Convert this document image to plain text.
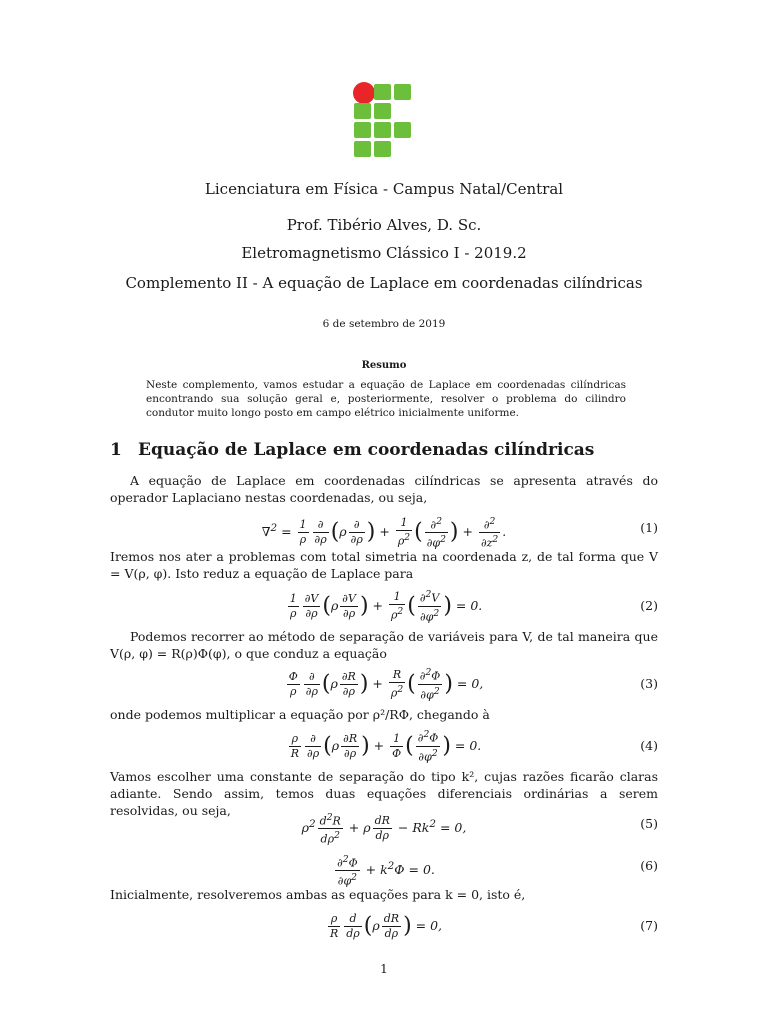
Licenciatura em Física - Campus Natal/Central
Prof. Tibério Alves, D. Sc.
Eletromagnetismo Clássico I - 2019.2
Complemento II - A equação de Laplace em coordenadas cilíndricas
6 de setembro de 2019
Resumo
Neste complemento, vamos estudar a equação de Laplace em coordenadas cilíndricas encontrando sua solução geral e, posteriormente, resolver o problema do cilindro condutor muito longo posto em campo elétrico inicialmente uniforme.
1 Equação de Laplace em coordenadas cilíndricas
A equação de Laplace em coordenadas cilíndricas se apresenta através do operador Laplaciano nestas coordenadas, ou seja,
$\nabla^2 = \frac{1}{\rho} \frac{\partial}{\partial\rho} (\rho \frac{\partial}{\partial\rho}$ ) + $\frac{1}{\rho^2}$ ( $\frac{\partial^2}{\partial\varphi^2}$ ) + $\frac{\partial^2}{\partial z^2}$ .	(1)
Iremos nos ater a problemas com total simetria na coordenada z, de tal forma que V = V(ρ, φ). Isto reduz a equação de Laplace para
$\frac{1}{\rho} \frac{\partial V}{\partial\rho} (\rho \frac{\partial V}{\partial\rho}$ ) + $\frac{1}{\rho^2}$ ( $\frac{\partial^2V}{\partial\varphi^2}$ ) = 0.	(2)
Podemos recorrer ao método de separação de variáveis para V, de tal maneira que V(ρ, φ) = R(ρ)Φ(φ), o que conduz a equação
$\frac{\Phi}{\rho} \frac{\partial}{\partial\rho} (\rho \frac{\partial R}{\partial\rho}$ ) + $\frac{R}{\rho^2}$ ( $\frac{\partial^2\Phi}{\partial\varphi^2}$ ) = 0,	(3)
onde podemos multiplicar a equação por ρ²/RΦ, chegando à
$\frac{\rho}{R} \frac{\partial}{\partial\rho} (\rho \frac{\partial R}{\partial\rho}$ ) + $\frac{1}{\Phi}$ ( $\frac{\partial^2\Phi}{\partial\varphi^2}$ ) = 0.	(4)
Vamos escolher uma constante de separação do tipo k², cujas razões ficarão claras adiante. Sendo assim, temos duas equações diferenciais ordinárias a serem resolvidas, ou seja,
$\rho^2 \frac{d^2R}{d\rho^2} + \rho \frac{dR}{d\rho} - Rk^2 = 0$,	(5)
$\frac{\partial^2\Phi}{\partial\varphi^2} + k^2\Phi = 0$.	(6)
Inicialmente, resolveremos ambas as equações para k = 0, isto é,
$\frac{\rho}{R} \frac{d}{d\rho} (\rho \frac{dR}{d\rho}$ ) = 0,	(7)
1
